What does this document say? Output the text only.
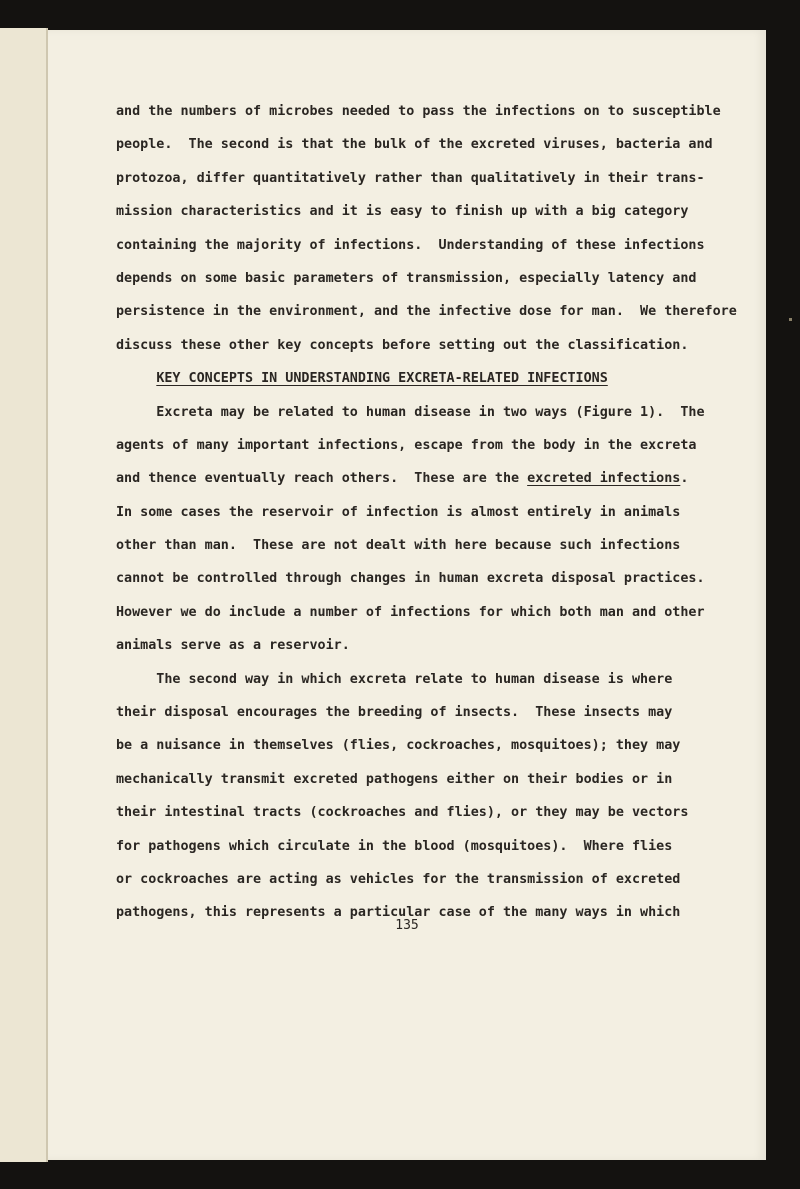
and the numbers of microbes needed to pass the infections on to susceptible
people.  The second is that the bulk of the excreted viruses, bacteria and
protozoa, differ quantitatively rather than qualitatively in their trans-
mission characteristics and it is easy to finish up with a big category
containing the majority of infections.  Understanding of these infections
depends on some basic parameters of transmission, especially latency and
persistence in the environment, and the infective dose for man.  We therefore
discuss these other key concepts before setting out the classification.
KEY CONCEPTS IN UNDERSTANDING EXCRETA-RELATED INFECTIONS
Excreta may be related to human disease in two ways (Figure 1).  The
agents of many important infections, escape from the body in the excreta
and thence eventually reach others.  These are the excreted infections.
In some cases the reservoir of infection is almost entirely in animals
other than man.  These are not dealt with here because such infections
cannot be controlled through changes in human excreta disposal practices.
However we do include a number of infections for which both man and other
animals serve as a reservoir.
The second way in which excreta relate to human disease is where
their disposal encourages the breeding of insects.  These insects may
be a nuisance in themselves (flies, cockroaches, mosquitoes); they may
mechanically transmit excreted pathogens either on their bodies or in
their intestinal tracts (cockroaches and flies), or they may be vectors
for pathogens which circulate in the blood (mosquitoes).  Where flies
or cockroaches are acting as vehicles for the transmission of excreted
pathogens, this represents a particular case of the many ways in which
135
